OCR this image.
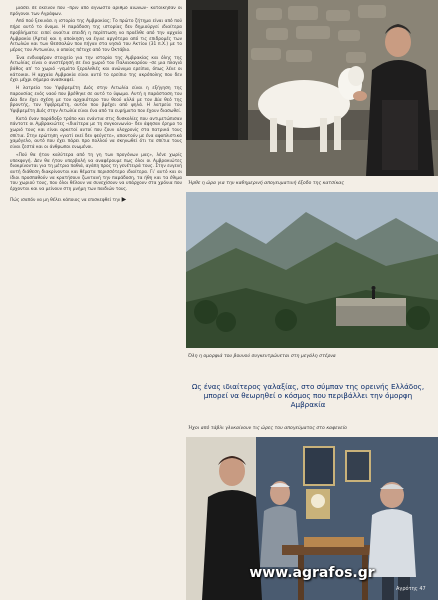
μιάσει σε εκείνον που –πριν από άγνωστο αριθμό αιώνων– κατοίκησαν οι πρόγονοι των Αγράφων.

Από πού ξεκινάει η ιστορία της Αμβρακίας; Το πρώτο ζήτημα είναι από πού πήρε αυτό το όνομα. Η παράδοση της ιστορίας δεν δημιούργεί ιδιαίτερα προβλήματα: ειπεί αναίτια επειδή η περίπτωση να προέλθε από την αρχαία Αμβρακία (Άρτα) και η αποίκηση να έγινε αργότερα από τις επιδρομές των Αιτωλών και των Θεσσαλών που πήγαν στα νησιά του Ακτίου (31 π.Χ.) με το μέρος του Αντωνίου, ο οποίος πέτυχε από τον Οκτάβιο.

Ένα ενδιαφέρον στοιχείο για την ιστορία της Αμβρακίας και όλης της Αιτωλίας είναι ο ανιστέρησή σε ένα χωριό του Παλαιοκαρύου –σε μια πλαγιά βάθος απ’ το χωριό –γεμάτο ξερολιθιές και ανώνυμα ερείπια, όπως λένε οι κάτοικοι. Η αρχαία Αμβρακία είναι αυτό το ερείπιο της ακρόπολης που δεν έχει μέχρι σήμερα ανασκαφεί.

Η λατρεία του Υψιβρεμέτη Διός στην Αιτωλία είναι η εξήγηση της παρουσίας ενός ναού που βρέθηκε σε αυτό το ύψωμα. Αυτή η παράσταση του Δία δεν έχει σχέση με τον αρχαιότερο του θεού αλλά με τον Δία θεό της βροντής, τον Υψιβρεμέτη, αυτόν που βρέχει από ψηλά. Η λατρεία του Υψιβρεμέτη Διός στην Αιτωλία είναι ένα από τα ευρήματα που έχουν διασωθεί.

Κατά έναν παράδοξο τρόπο και ενάντια στις δυσκολίες που αντιμετώπισαν πάντοτε οι Αμβρακιώτες –ιδιαίτερα με τη συγκοινωνία– δεν άφησαν έρημο το χωριό τους και είναι αρκετοί αυτοί που ζουν ολοχρονίς στα πατρικά τους σπίτια. Στην ερώτηση «γιατί εκεί δεν φεύγετε», απαντούν με ένα αφοπλιστικά χαμόγελο, αυτό που έχει πάρει προ πολλού να σκηνωθεί ότι τα σπίτια τους είναι ζεστά και οι άνθρωποι ενωμένοι.

«Πού θα ήταν καλύτερα από τη γη των προγόνων μας», λένε χωρίς υπεκφυγή. Δεν θα ήταν υπερβολή να αναφέρουμε πως όλοι οι Αμβρακιώτες διακρίνονται για τη μέτρια παθιά, αγάπη προς τη γενέτειρά τους. Στην ευγενή αυτή διάθεση διακρίνονται και θέματα περισσότερο ιδιαίτερα. Γι’ αυτό και οι ίδιοι προσπαθούν να κρατήσουν ζωντανή την παράδοση, τα ήθη και τα έθιμα του χωριού τους, που όλοι θέλουν να συνεχίσουν να υπάρχουν στα χρόνια που έρχονται και να μείνουν στη μνήμη των παιδιών τους.

Πώς ισαπόν να μη θέλει κάποιος να επισκεφθεί την ▶
Ήρθε η ώρα για την καθημερινή απογευματινή έξοδο της κατσίκας
Όλη η ομορφιά του βουνού συγκεντρώνεται στη μεγάλη στέρνα
Ως ένας ιδιαίτερος γαλαξίας, στο σύμπαν της ορεινής Ελλάδος, μπορεί να θεωρηθεί ο κόσμος που περιβάλλει την όμορφη Αμβρακία
Ήχοι από τάβλι γλυκαίνουν τις ώρες του απογεύματος στο καφενείο
www.agrafos.gr
Αγρότης 47
